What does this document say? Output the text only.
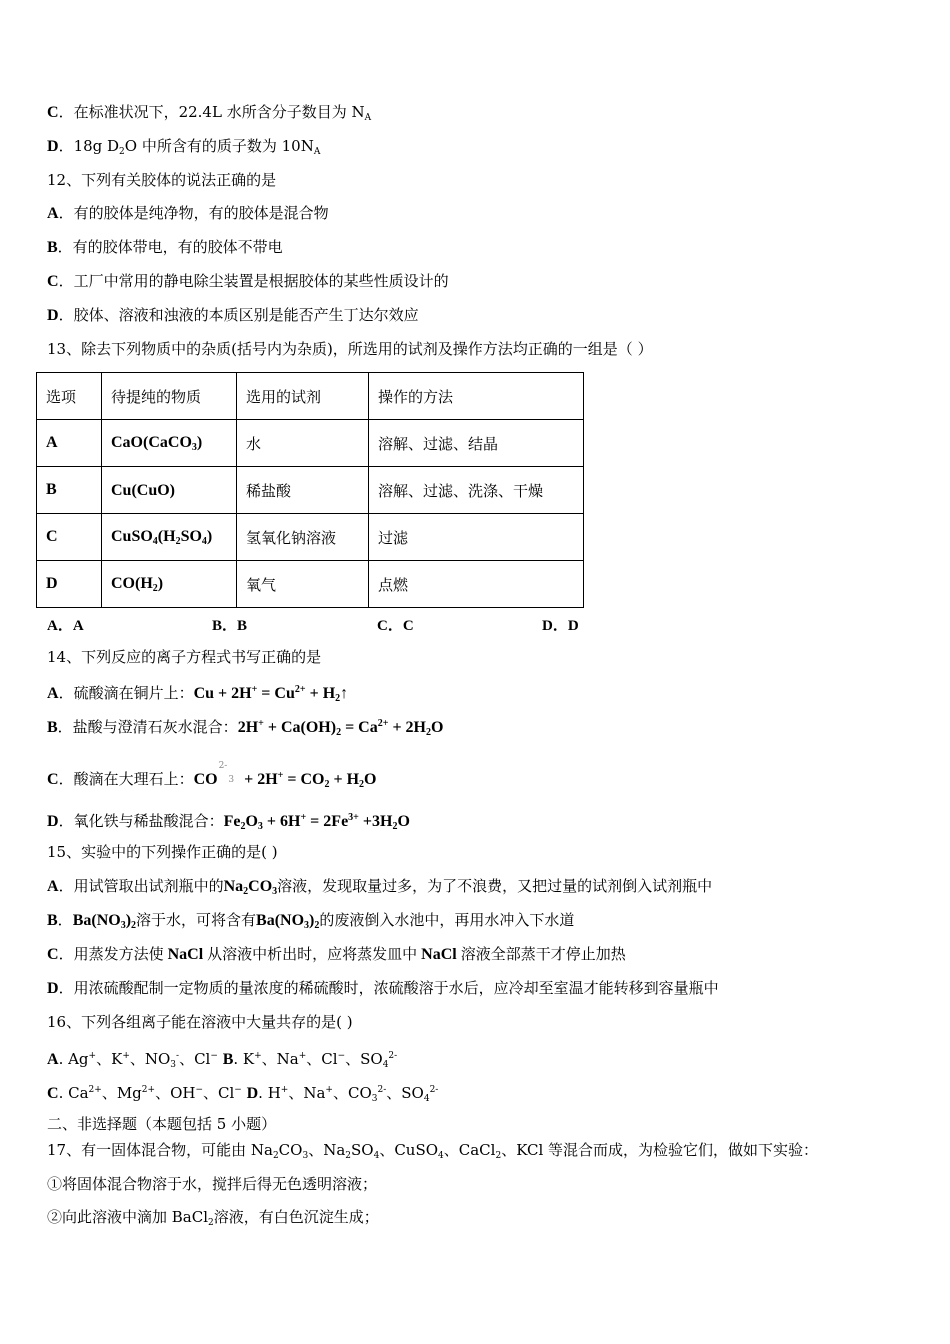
C．在标准状况下，22.4L 水所含分子数目为 $N_A$
D．18g $D_2O$ 中所含有的质子数为 $10N_A$
12、下列有关胶体的说法正确的是
A．有的胶体是纯净物，有的胶体是混合物
B．有的胶体带电，有的胶体不带电
C．工厂中常用的静电除尘装置是根据胶体的某些性质设计的
D．胶体、溶液和浊液的本质区别是能否产生丁达尔效应
13、除去下列物质中的杂质(括号内为杂质)，所选用的试剂及操作方法均正确的一组是（ ）
选项	待提纯的物质	选用的试剂	操作的方法
A	CaO(CaCO$_3$)	水	溶解、过滤、结晶
B	Cu(CuO)	稀盐酸	溶解、过滤、洗涤、干燥
C	$CuSO_4(H_2SO_4)$	氢氧化钠溶液	过滤
D	$CO(H_2)$	氧气	点燃
A．A	B．B	C．C	D．D
14、下列反应的离子方程式书写正确的是
A．硫酸滴在铜片上：$Cu + 2H^+ = Cu^{2+}$ + $H_2↑$
B．盐酸与澄清石灰水混合：$2H^+ + Ca(OH)_2 = Ca^{2+} + 2H_2O$
C．酸滴在大理石上：$CO2-3 + 2H^+ = CO_2 + H_2O$
D．氧化铁与稀盐酸混合：$Fe_2O_3 + 6H^+ = 2Fe^{3+} +3H_2O$
15、实验中的下列操作正确的是( )
A．用试管取出试剂瓶中的$Na_2CO_3$溶液，发现取量过多，为了不浪费，又把过量的试剂倒入试剂瓶中
B．$Ba(NO_3)_2$溶于水，可将含有$Ba(NO_3)_2$的废液倒入水池中，再用水冲入下水道
C．用蒸发方法使 NaCl 从溶液中析出时，应将蒸发皿中 NaCl 溶液全部蒸干才停止加热
D．用浓硫酸配制一定物质的量浓度的稀硫酸时，浓硫酸溶于水后，应冷却至室温才能转移到容量瓶中
16、下列各组离子能在溶液中大量共存的是( )
A. Ag+、K+、$NO_3^-$、Cl− B. K+、Na+、Cl−、$SO_4^{2-}$
C. $Ca^{2+}$、$Mg^{2+}$、OH−、Cl− D. H+、Na+、$CO_3^{2-}$、$SO_4^{2-}$
二、非选择题（本题包括 5 小题）
17、有一固体混合物，可能由 $Na_2CO_3$、$Na_2SO_4$、CuSO$_4$、CaCl$_2$、KCl 等混合而成，为检验它们，做如下实验：
①将固体混合物溶于水，搅拌后得无色透明溶液；
②向此溶液中滴加 BaCl$_2$溶液，有白色沉淀生成；
